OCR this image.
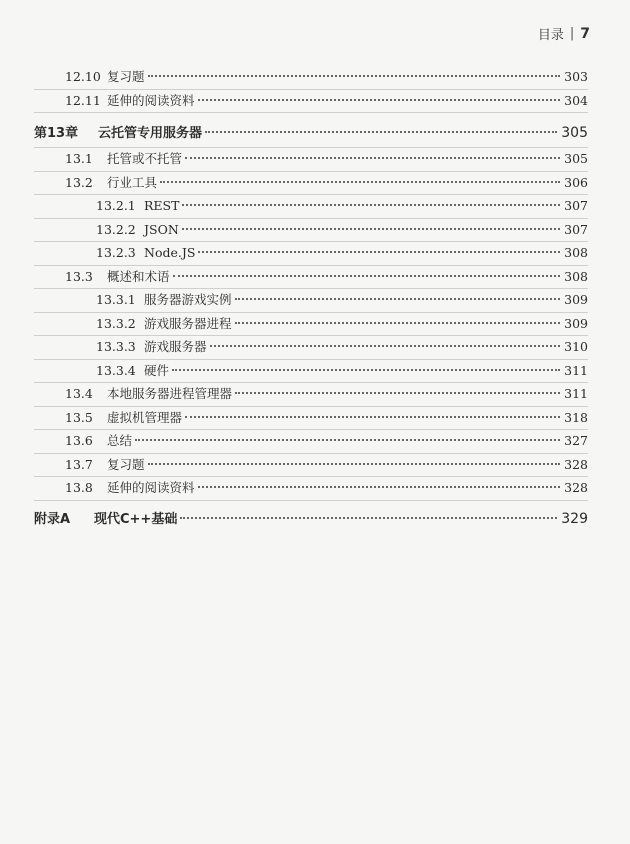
目录 | 7
12.10 复习题	303
12.11 延伸的阅读资料	304
第13章	云托管专用服务器	305
13.1	托管或不托管	305
13.2	行业工具	306
13.2.1 REST	307
13.2.2 JSON	307
13.2.3 Node.JS	308
13.3	概述和术语	308
13.3.1 服务器游戏实例	309
13.3.2 游戏服务器进程	309
13.3.3 游戏服务器	310
13.3.4 硬件	311
13.4	本地服务器进程管理器	311
13.5	虚拟机管理器	318
13.6	总结	327
13.7	复习题	328
13.8	延伸的阅读资料	328
附录A	现代C++基础	329
